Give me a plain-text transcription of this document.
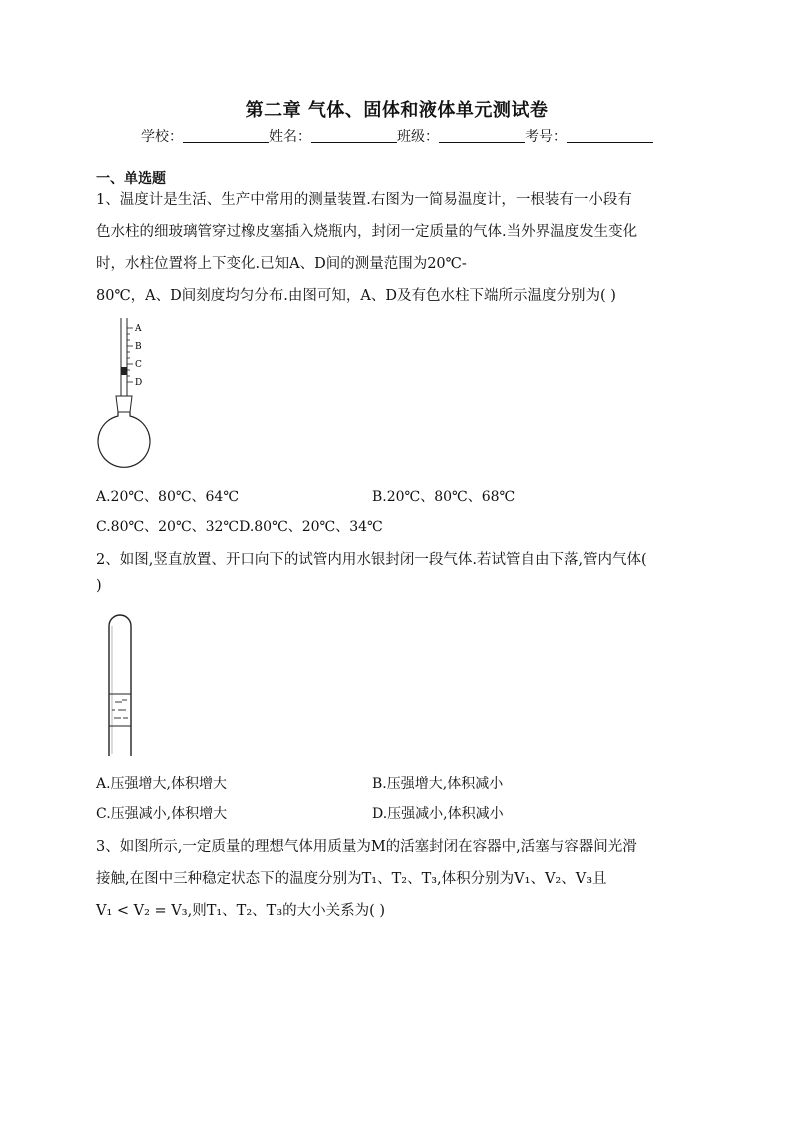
第二章 气体、固体和液体单元测试卷
学校：	姓名：	班级：	考号：
一、单选题
1、温度计是生活、生产中常用的测量装置.右图为一简易温度计，一根装有一小段有
色水柱的细玻璃管穿过橡皮塞插入烧瓶内，封闭一定质量的气体.当外界温度发生变化
时，水柱位置将上下变化.已知A、D间的测量范围为20℃-
80℃，A、D间刻度均匀分布.由图可知，A、D及有色水柱下端所示温度分别为( )
A
B
C
D
A.20℃、80℃、64℃	B.20℃、80℃、68℃
C.80℃、20℃、32℃D.80℃、20℃、34℃
2、如图,竖直放置、开口向下的试管内用水银封闭一段气体.若试管自由下落,管内气体(
)
A.压强增大,体积增大	B.压强增大,体积减小
C.压强减小,体积增大	D.压强减小,体积减小
3、如图所示,一定质量的理想气体用质量为M的活塞封闭在容器中,活塞与容器间光滑
接触,在图中三种稳定状态下的温度分别为T₁、T₂、T₃,体积分别为V₁、V₂、V₃且
V₁ < V₂ = V₃,则T₁、T₂、T₃的大小关系为( )
